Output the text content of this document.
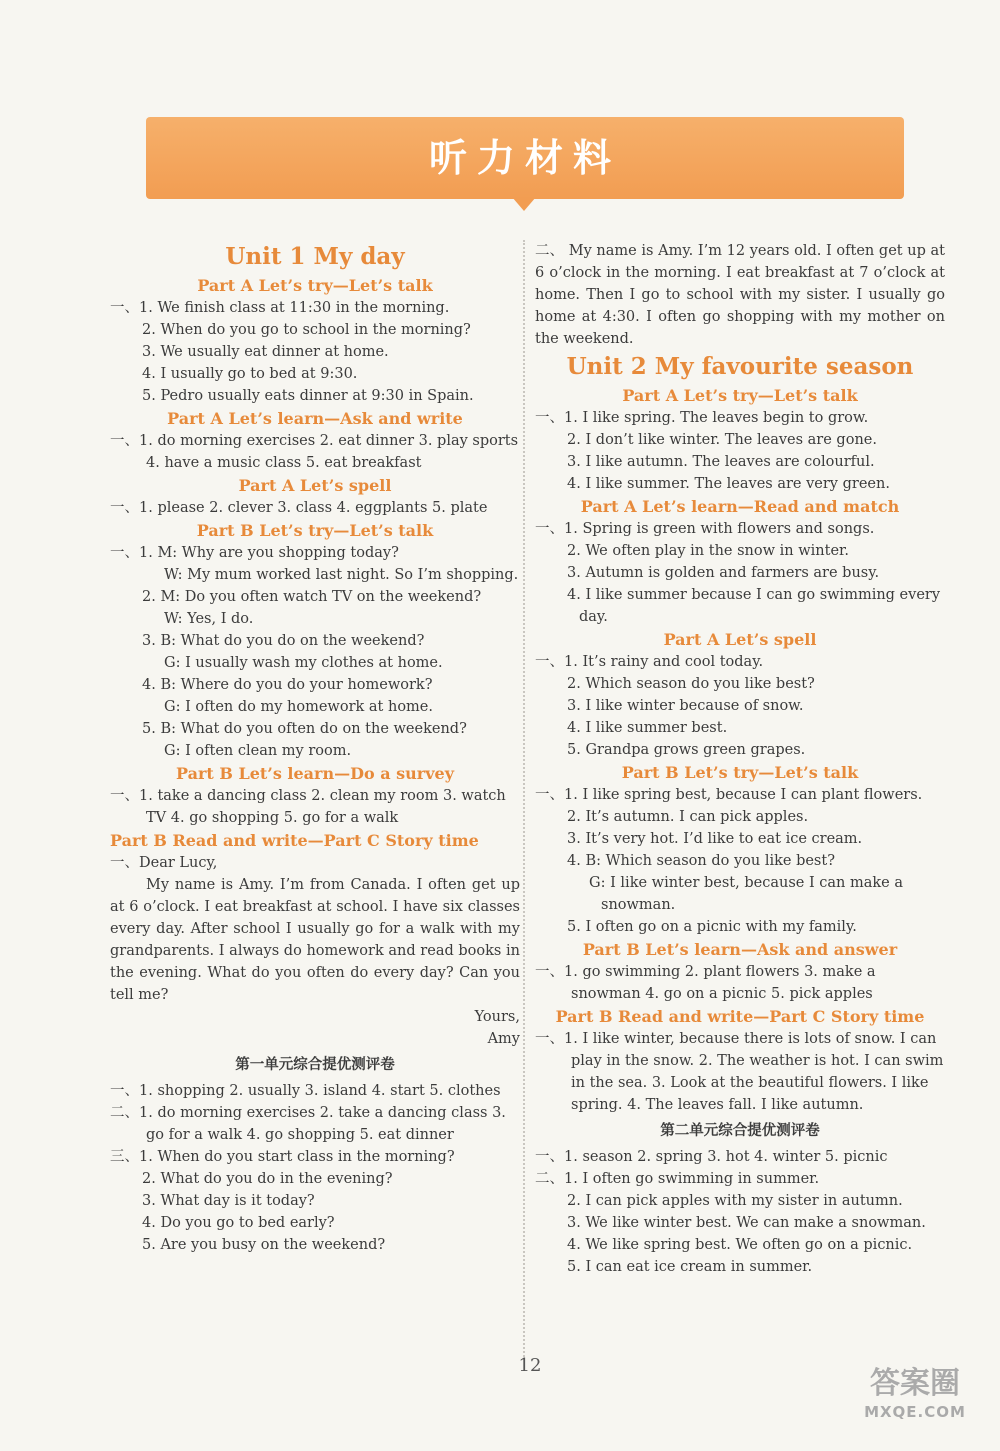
听力材料
Unit 1 My day
Part A Let’s try—Let’s talk

一、1. We finish class at 11:30 in the morning.

2. When do you go to school in the morning?

3. We usually eat dinner at home.

4. I usually go to bed at 9:30.

5. Pedro usually eats dinner at 9:30 in Spain.

Part A Let’s learn—Ask and write

一、1. do morning exercises 2. eat dinner 3. play sports 4. have a music class 5. eat breakfast

Part A Let’s spell

一、1. please 2. clever 3. class 4. eggplants 5. plate

Part B Let’s try—Let’s talk

一、1. M: Why are you shopping today?

W: My mum worked last night. So I’m shopping.

2. M: Do you often watch TV on the weekend?

W: Yes, I do.

3. B: What do you do on the weekend?

G: I usually wash my clothes at home.

4. B: Where do you do your homework?

G: I often do my homework at home.

5. B: What do you often do on the weekend?

G: I often clean my room.

Part B Let’s learn—Do a survey

一、1. take a dancing class 2. clean my room 3. watch TV 4. go shopping 5. go for a walk

Part B Read and write—Part C Story time

一、Dear Lucy,

My name is Amy. I’m from Canada. I often get up at 6 o’clock. I eat breakfast at school. I have six classes every day. After school I usually go for a walk with my grandparents. I always do homework and read books in the evening. What do you often do every day? Can you tell me?

Yours,

Amy

第一单元综合提优测评卷

一、1. shopping 2. usually 3. island 4. start 5. clothes

二、1. do morning exercises 2. take a dancing class 3. go for a walk 4. go shopping 5. eat dinner

三、1. When do you start class in the morning?

2. What do you do in the evening?

3. What day is it today?

4. Do you go to bed early?

5. Are you busy on the weekend?

二、 My name is Amy. I’m 12 years old. I often get up at 6 o’clock in the morning. I eat breakfast at 7 o’clock at home. Then I go to school with my sister. I usually go home at 4:30. I often go shopping with my mother on the weekend.

Unit 2 My favourite season
Part A Let’s try—Let’s talk

一、1. I like spring. The leaves begin to grow.

2. I don’t like winter. The leaves are gone.

3. I like autumn. The leaves are colourful.

4. I like summer. The leaves are very green.

Part A Let’s learn—Read and match

一、1. Spring is green with flowers and songs.

2. We often play in the snow in winter.

3. Autumn is golden and farmers are busy.

4. I like summer because I can go swimming every day.

Part A Let’s spell

一、1. It’s rainy and cool today.

2. Which season do you like best?

3. I like winter because of snow.

4. I like summer best.

5. Grandpa grows green grapes.

Part B Let’s try—Let’s talk

一、1. I like spring best, because I can plant flowers.

2. It’s autumn. I can pick apples.

3. It’s very hot. I’d like to eat ice cream.

4. B: Which season do you like best?

G: I like winter best, because I can make a snowman.

5. I often go on a picnic with my family.

Part B Let’s learn—Ask and answer

一、1. go swimming 2. plant flowers 3. make a snowman 4. go on a picnic 5. pick apples

Part B Read and write—Part C Story time

一、1. I like winter, because there is lots of snow. I can play in the snow. 2. The weather is hot. I can swim in the sea. 3. Look at the beautiful flowers. I like spring. 4. The leaves fall. I like autumn.

第二单元综合提优测评卷

一、1. season 2. spring 3. hot 4. winter 5. picnic

二、1. I often go swimming in summer.

2. I can pick apples with my sister in autumn.

3. We like winter best. We can make a snowman.

4. We like spring best. We often go on a picnic.

5. I can eat ice cream in summer.

12
答案圈
MXQE.COM
